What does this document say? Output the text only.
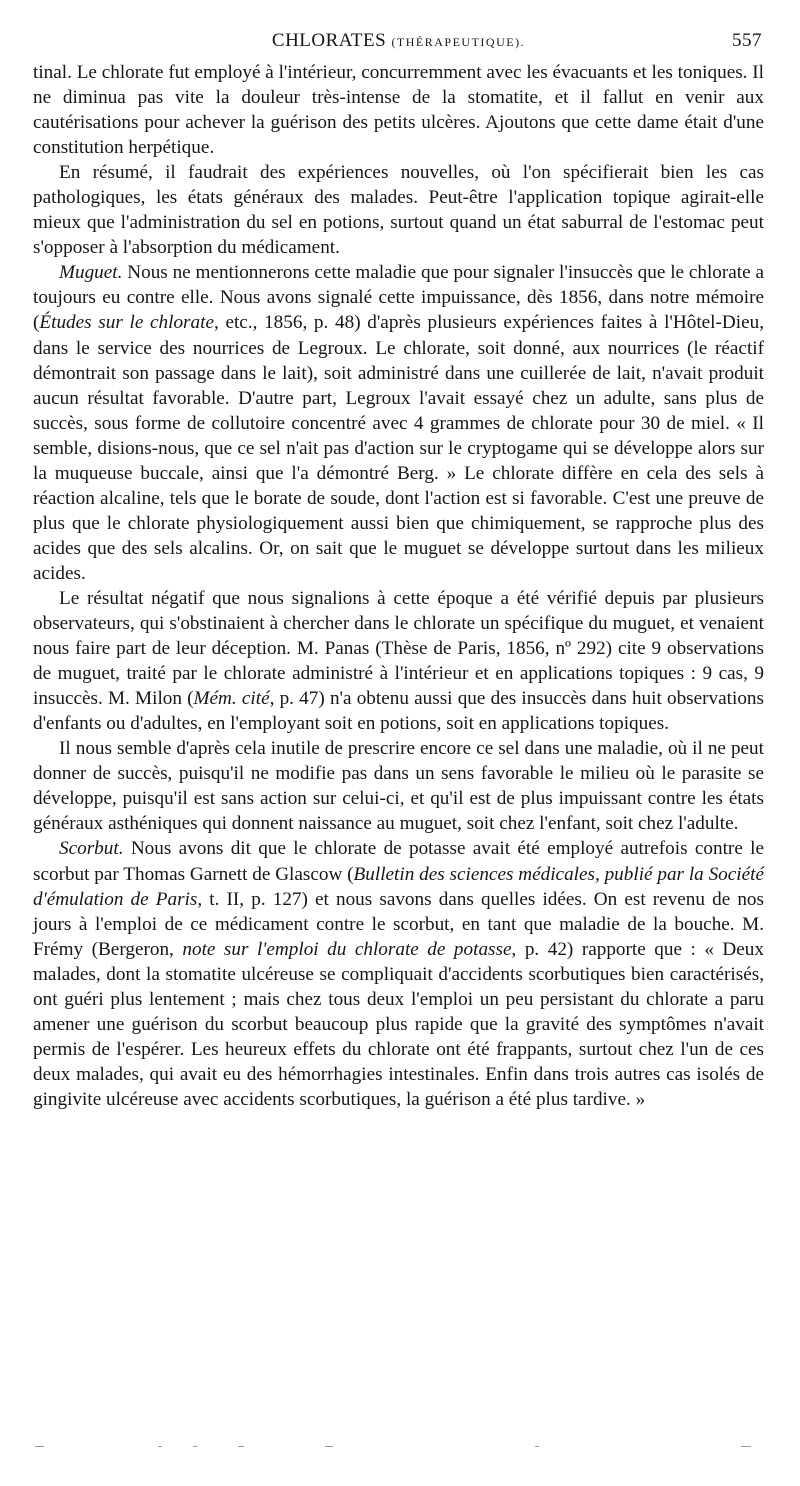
CHLORATES (THÉRAPEUTIQUE).	557

tinal. Le chlorate fut employé à l'intérieur, concurremment avec les évacuants et les toniques. Il ne diminua pas vite la douleur très-intense de la stomatite, et il fallut en venir aux cautérisations pour achever la guérison des petits ulcères. Ajoutons que cette dame était d'une constitution herpétique.

En résumé, il faudrait des expériences nouvelles, où l'on spécifierait bien les cas pathologiques, les états généraux des malades. Peut-être l'application topique agirait-elle mieux que l'administration du sel en potions, surtout quand un état saburral de l'estomac peut s'opposer à l'absorption du médicament.

Muguet. Nous ne mentionnerons cette maladie que pour signaler l'insuccès que le chlorate a toujours eu contre elle. Nous avons signalé cette impuissance, dès 1856, dans notre mémoire (Études sur le chlorate, etc., 1856, p. 48) d'après plusieurs expériences faites à l'Hôtel-Dieu, dans le service des nourrices de Legroux. Le chlorate, soit donné, aux nourrices (le réactif démontrait son passage dans le lait), soit administré dans une cuillerée de lait, n'avait produit aucun résultat favorable. D'autre part, Legroux l'avait essayé chez un adulte, sans plus de succès, sous forme de collutoire concentré avec 4 grammes de chlorate pour 30 de miel. « Il semble, disions-nous, que ce sel n'ait pas d'action sur le cryptogame qui se développe alors sur la muqueuse buccale, ainsi que l'a démontré Berg. » Le chlorate diffère en cela des sels à réaction alcaline, tels que le borate de soude, dont l'action est si favorable. C'est une preuve de plus que le chlorate physiologiquement aussi bien que chimiquement, se rapproche plus des acides que des sels alcalins. Or, on sait que le muguet se développe surtout dans les milieux acides.

Le résultat négatif que nous signalions à cette époque a été vérifié depuis par plusieurs observateurs, qui s'obstinaient à chercher dans le chlorate un spécifique du muguet, et venaient nous faire part de leur déception. M. Panas (Thèse de Paris, 1856, nº 292) cite 9 observations de muguet, traité par le chlorate administré à l'intérieur et en applications topiques : 9 cas, 9 insuccès. M. Milon (Mém. cité, p. 47) n'a obtenu aussi que des insuccès dans huit observations d'enfants ou d'adultes, en l'employant soit en potions, soit en applications topiques.

Il nous semble d'après cela inutile de prescrire encore ce sel dans une maladie, où il ne peut donner de succès, puisqu'il ne modifie pas dans un sens favorable le milieu où le parasite se développe, puisqu'il est sans action sur celui-ci, et qu'il est de plus impuissant contre les états généraux asthéniques qui donnent naissance au muguet, soit chez l'enfant, soit chez l'adulte.

Scorbut. Nous avons dit que le chlorate de potasse avait été employé autrefois contre le scorbut par Thomas Garnett de Glascow (Bulletin des sciences médicales, publié par la Société d'émulation de Paris, t. II, p. 127) et nous savons dans quelles idées. On est revenu de nos jours à l'emploi de ce médicament contre le scorbut, en tant que maladie de la bouche. M. Frémy (Bergeron, note sur l'emploi du chlorate de potasse, p. 42) rapporte que : « Deux malades, dont la stomatite ulcéreuse se compliquait d'accidents scorbutiques bien caractérisés, ont guéri plus lentement ; mais chez tous deux l'emploi un peu persistant du chlorate a paru amener une guérison du scorbut beaucoup plus rapide que la gravité des symptômes n'avait permis de l'espérer. Les heureux effets du chlorate ont été frappants, surtout chez l'un de ces deux malades, qui avait eu des hémorrhagies intestinales. Enfin dans trois autres cas isolés de gingivite ulcéreuse avec accidents scorbutiques, la guérison a été plus tardive. »
